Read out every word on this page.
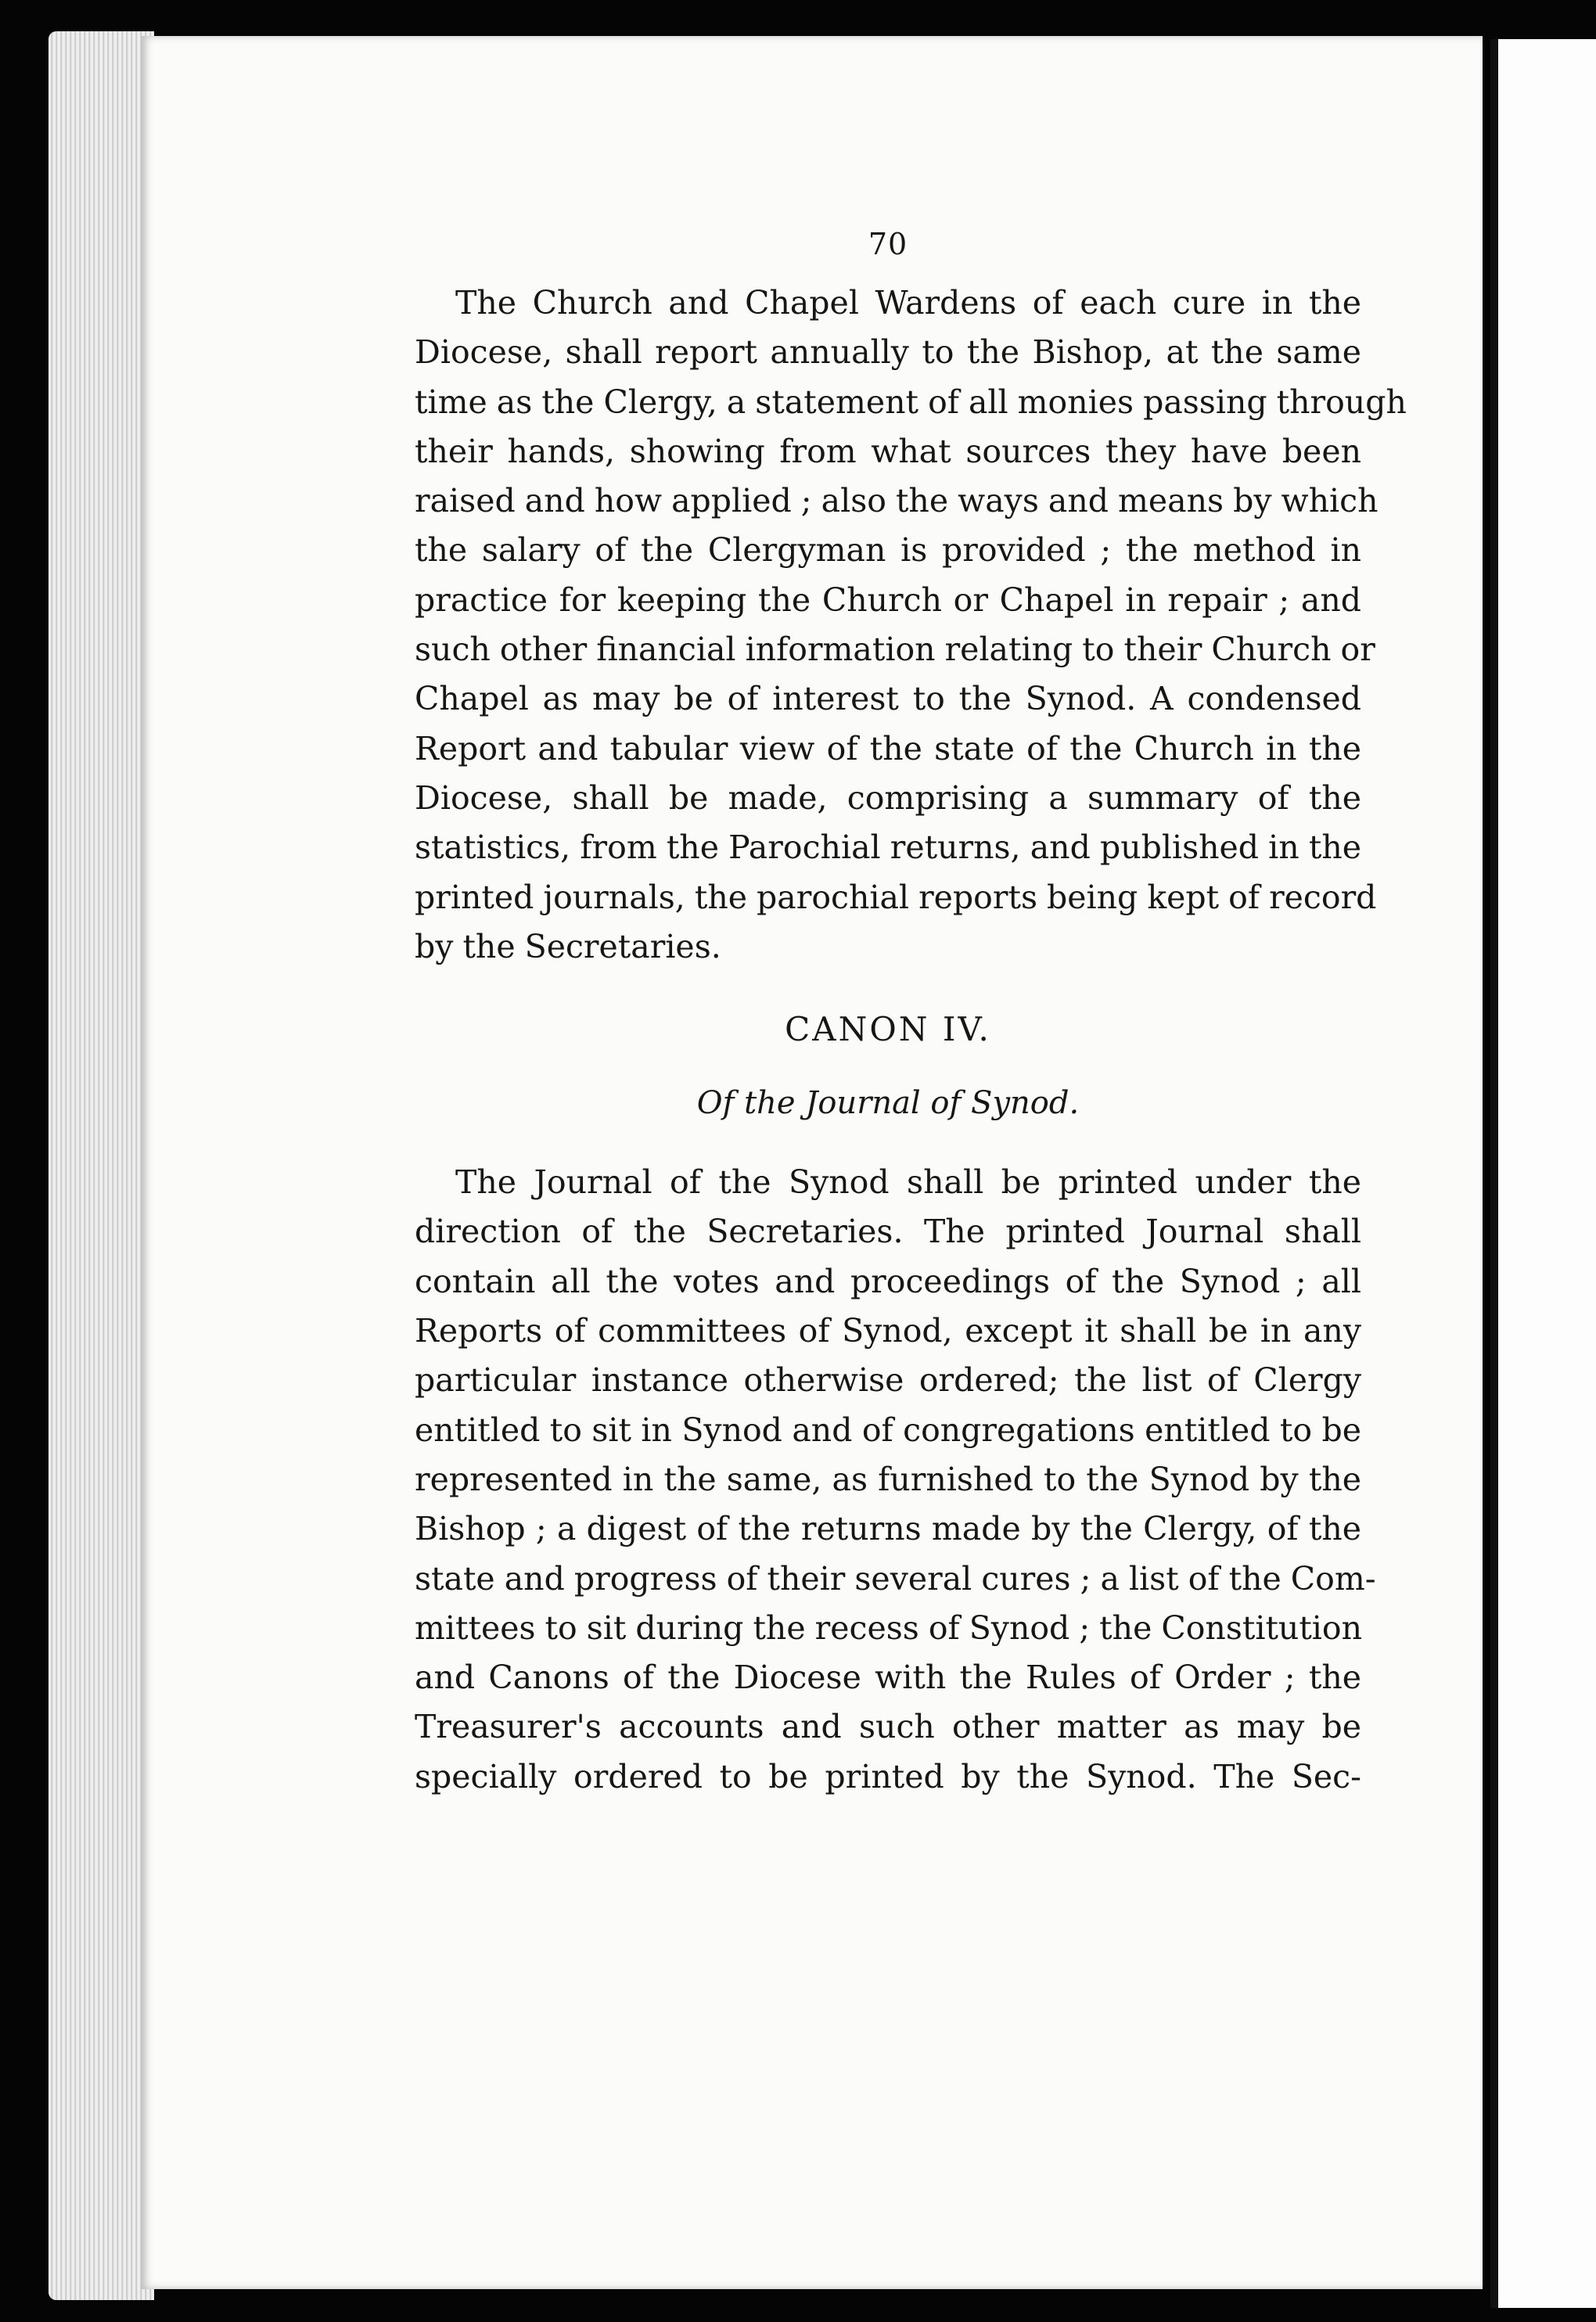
70

The Church and Chapel Wardens of each cure in the

Diocese, shall report annually to the Bishop, at the same

time as the Clergy, a statement of all monies passing through

their hands, showing from what sources they have been

raised and how applied ; also the ways and means by which

the salary of the Clergyman is provided ; the method in

practice for keeping the Church or Chapel in repair ; and

such other financial information relating to their Church or

Chapel as may be of interest to the Synod. A condensed

Report and tabular view of the state of the Church in the

Diocese, shall be made, comprising a summary of the

statistics, from the Parochial returns, and published in the

printed journals, the parochial reports being kept of record

by the Secretaries.

CANON IV.
Of the Journal of Synod.

The Journal of the Synod shall be printed under the

direction of the Secretaries. The printed Journal shall

contain all the votes and proceedings of the Synod ; all

Reports of committees of Synod, except it shall be in any

particular instance otherwise ordered; the list of Clergy

entitled to sit in Synod and of congregations entitled to be

represented in the same, as furnished to the Synod by the

Bishop ; a digest of the returns made by the Clergy, of the

state and progress of their several cures ; a list of the Com-

mittees to sit during the recess of Synod ; the Constitution

and Canons of the Diocese with the Rules of Order ; the

Treasurer's accounts and such other matter as may be

specially ordered to be printed by the Synod. The Sec-
